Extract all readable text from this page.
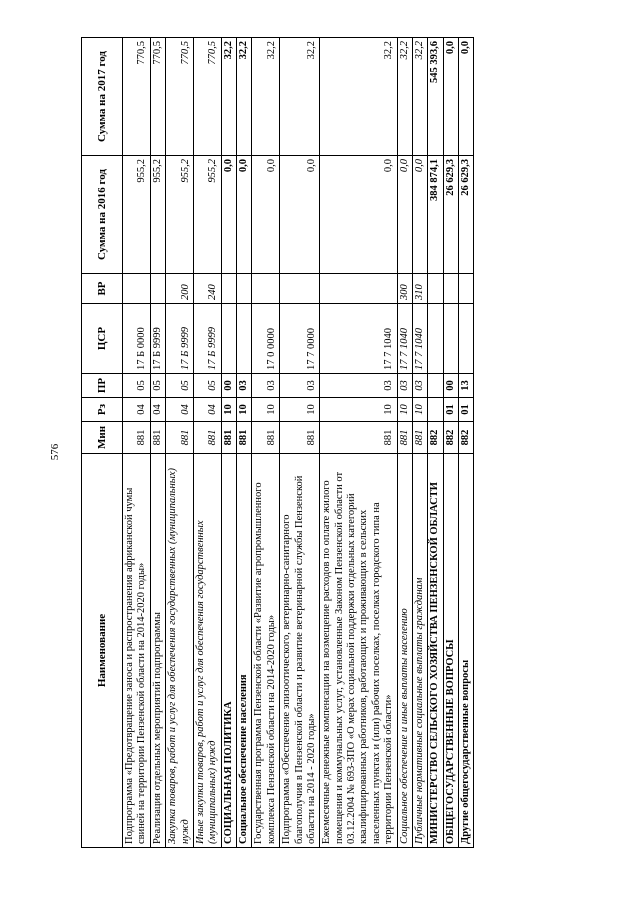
576
Наименование	Мин	Рз	ПР	ЦСР	ВР	Сумма на 2016 год	Сумма на 2017 год
Подпрограмма «Предотвращение заноса и распространения африканской чумы свиней на территории Пензенской области на 2014-2020 годы»	881	04	05	17 Б 0000		955,2	770,5
Реализация отдельных мероприятий подпрограммы	881	04	05	17 Б 9999		955,2	770,5
Закупка товаров, работ и услуг для обеспечения государственных (муниципальных) нужд	881	04	05	17 Б 9999	200	955,2	770,5
Иные закупки товаров, работ и услуг для обеспечения государственных (муниципальных) нужд	881	04	05	17 Б 9999	240	955,2	770,5
СОЦИАЛЬНАЯ ПОЛИТИКА	881	10	00			0,0	32,2
Социальное обеспечение населения	881	10	03			0,0	32,2
Государственная программа Пензенской области «Развитие агропромышленного комплекса Пензенской области на 2014-2020 годы»	881	10	03	17 0 0000		0,0	32,2
Подпрограмма «Обеспечение эпизоотического, ветеринарно-санитарного благополучия в Пензенской области и развитие ветеринарной службы Пензенской области на 2014 - 2020 годы»	881	10	03	17 7 0000		0,0	32,2
Ежемесячные денежные компенсации на возмещение расходов по оплате жилого помещения и коммунальных услуг, установленные Законом Пензенской области от 03.12.2004 № 693-ЗПО «О мерах социальной поддержки отдельных категорий квалифицированных работников, работающих и проживающих в сельских населенных пунктах и (или) рабочих поселках, поселках городского типа на территории Пензенской области»	881	10	03	17 7 1040		0,0	32,2
Социальное обеспечение и иные выплаты населению	881	10	03	17 7 1040	300	0,0	32,2
Публичные нормативные социальные выплаты гражданам	881	10	03	17 7 1040	310	0,0	32,2
МИНИСТЕРСТВО СЕЛЬСКОГО ХОЗЯЙСТВА ПЕНЗЕНСКОЙ ОБЛАСТИ	882					384 874,1	545 393,6
ОБЩЕГОСУДАРСТВЕННЫЕ ВОПРОСЫ	882	01	00			26 629,3	0,0
Другие общегосударственные вопросы	882	01	13			26 629,3	0,0
